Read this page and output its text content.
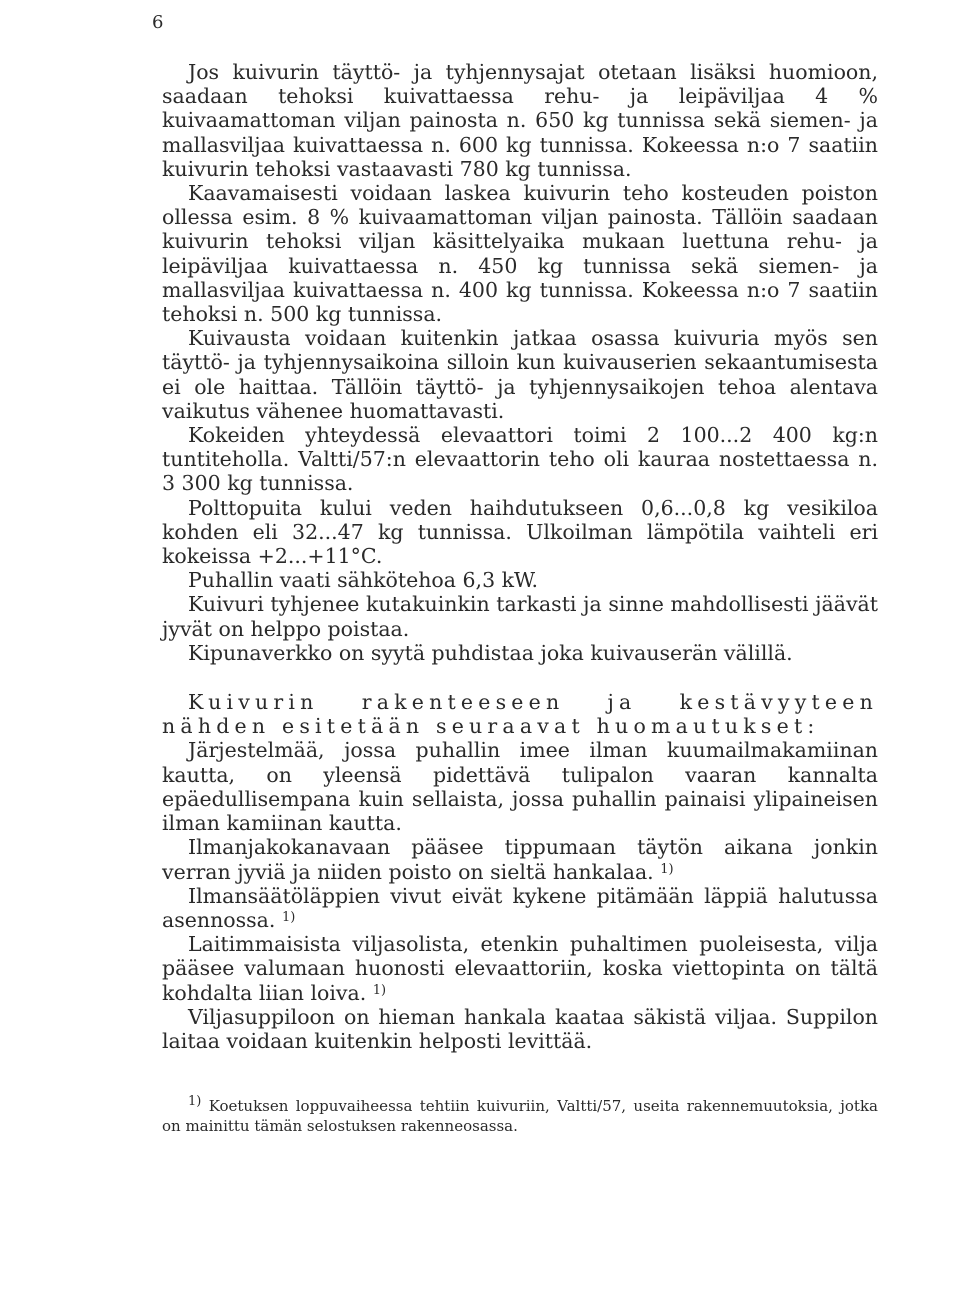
6

Jos kuivurin täyttö- ja tyhjennysajat otetaan lisäksi huomioon, saadaan tehoksi kuivattaessa rehu- ja leipäviljaa 4 % kuivaamattoman viljan painosta n. 650 kg tunnissa sekä siemen- ja mallasviljaa kuivattaessa n. 600 kg tunnissa. Kokeessa n:o 7 saatiin kuivurin tehoksi vastaavasti 780 kg tunnissa.

Kaavamaisesti voidaan laskea kuivurin teho kosteuden poiston ollessa esim. 8 % kuivaamattoman viljan painosta. Tällöin saadaan kuivurin tehoksi viljan käsittelyaika mukaan luettuna rehu- ja leipäviljaa kuivattaessa n. 450 kg tunnissa sekä siemen- ja mallasviljaa kuivattaessa n. 400 kg tunnissa. Kokeessa n:o 7 saatiin tehoksi n. 500 kg tunnissa.

Kuivausta voidaan kuitenkin jatkaa osassa kuivuria myös sen täyttö- ja tyhjennysaikoina silloin kun kuivauserien sekaantumisesta ei ole haittaa. Tällöin täyttö- ja tyhjennysaikojen tehoa alentava vaikutus vähenee huomattavasti.

Kokeiden yhteydessä elevaattori toimi 2 100...2 400 kg:n tuntiteholla. Valtti/57:n elevaattorin teho oli kauraa nostettaessa n. 3 300 kg tunnissa.

Polttopuita kului veden haihdutukseen 0,6...0,8 kg vesikiloa kohden eli 32...47 kg tunnissa. Ulkoilman lämpötila vaihteli eri kokeissa +2...+11°C.

Puhallin vaati sähkötehoa 6,3 kW.

Kuivuri tyhjenee kutakuinkin tarkasti ja sinne mahdollisesti jäävät jyvät on helppo poistaa.

Kipunaverkko on syytä puhdistaa joka kuivauserän välillä.

Kuivurin rakenteeseen ja kestävyyteen nähden esitetään seuraavat huomautukset:

Järjestelmää, jossa puhallin imee ilman kuumailmakamiinan kautta, on yleensä pidettävä tulipalon vaaran kannalta epäedullisempana kuin sellaista, jossa puhallin painaisi ylipaineisen ilman kamiinan kautta.

Ilmanjakokanavaan pääsee tippumaan täytön aikana jonkin verran jyviä ja niiden poisto on sieltä hankalaa. $^{1)}$

Ilmansäätöläppien vivut eivät kykene pitämään läppiä halutussa asennossa. $^{1)}$

Laitimmaisista viljasolista, etenkin puhaltimen puoleisesta, vilja pääsee valumaan huonosti elevaattoriin, koska viettopinta on tältä kohdalta liian loiva. $^{1)}$

Viljasuppiloon on hieman hankala kaataa säkistä viljaa. Suppilon laitaa voidaan kuitenkin helposti levittää.

$^{1)}$ Koetuksen loppuvaiheessa tehtiin kuivuriin, Valtti/57, useita rakennemuutoksia, jotka on mainittu tämän selostuksen rakenneosassa.
